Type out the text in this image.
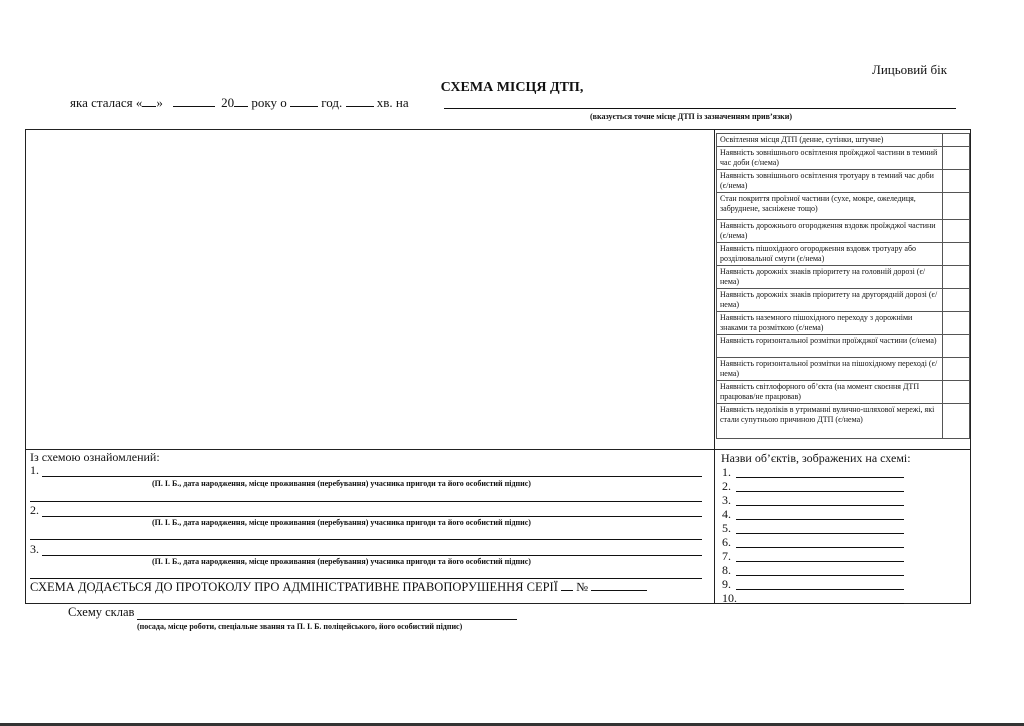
Лицьовий бік
СХЕМА МІСЦЯ ДТП,
яка сталася « »	20 року о	год.	хв. на
(вказується точне місце ДТП із зазначенням прив’язки)
Освітлення місця ДТП (денне, сутінки, штучне)	
Наявність зовнішнього освітлення проїжджої частини в темний час доби (є/нема)	
Наявність зовнішнього освітлення тротуару в темний час доби (є/нема)	
Стан покриття проїзної частини (сухе, мокре, ожеледиця, забруднене, засніжене тощо)	
Наявність дорожнього огородження вздовж проїжджої частини (є/нема)	
Наявність пішохідного огородження вздовж тротуару або розділювальної смуги (є/нема)	
Наявність дорожніх знаків пріоритету на головній дорозі (є/нема)	
Наявність дорожніх знаків пріоритету на другорядній дорозі (є/нема)	
Наявність наземного пішохідного переходу з дорожніми знаками та розміткою (є/нема)	
Наявність горизонтальної розмітки проїжджої частини (є/нема)	
Наявність горизонтальної розмітки на пішохідному переході (є/нема)	
Наявність світлофорного об’єкта (на момент скоєння ДТП працював/не працював)	
Наявність недоліків в утриманні вулично-шляхової мережі, які стали супутньою причиною ДТП (є/нема)	
Із схемою ознайомлений:
1.
(П. І. Б., дата народження, місце проживання (перебування) учасника пригоди та його особистий підпис)
2.
(П. І. Б., дата народження, місце проживання (перебування) учасника пригоди та його особистий підпис)
3.
(П. І. Б., дата народження, місце проживання (перебування) учасника пригоди та його особистий підпис)
СХЕМА ДОДАЄТЬСЯ ДО ПРОТОКОЛУ ПРО АДМІНІСТРАТИВНЕ ПРАВОПОРУШЕННЯ СЕРІЇ №
Назви об’єктів, зображених на схемі:
1.
2.
3.
4.
5.
6.
7.
8.
9.
10.
Схему склав
(посада, місце роботи, спеціальне звання та П. І. Б. поліцейського, його особистий підпис)
